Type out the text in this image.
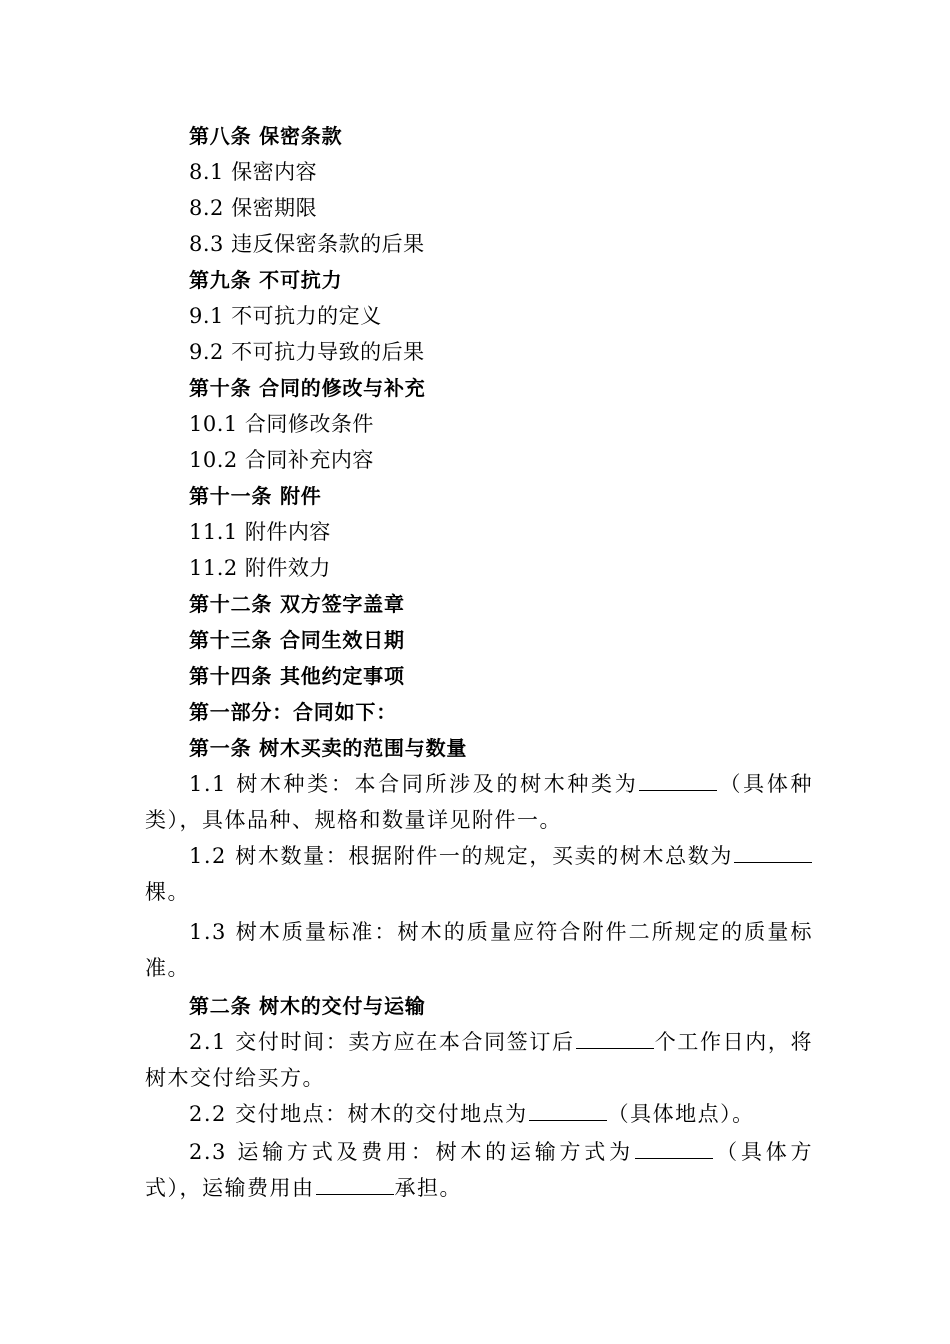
第八条 保密条款
8.1 保密内容
8.2 保密期限
8.3 违反保密条款的后果
第九条 不可抗力
9.1 不可抗力的定义
9.2 不可抗力导致的后果
第十条 合同的修改与补充
10.1 合同修改条件
10.2 合同补充内容
第十一条 附件
11.1 附件内容
11.2 附件效力
第十二条 双方签字盖章
第十三条 合同生效日期
第十四条 其他约定事项
第一部分：合同如下：
第一条 树木买卖的范围与数量
1.1 树木种类：本合同所涉及的树木种类为	（具体种类），具体品种、规格和数量详见附件一。
1.2 树木数量：根据附件一的规定，买卖的树木总数为棵。
1.3 树木质量标准：树木的质量应符合附件二所规定的质量标准。
第二条 树木的交付与运输
2.1 交付时间：卖方应在本合同签订后	个工作日内，将树木交付给买方。
2.2 交付地点：树木的交付地点为	（具体地点）。
2.3 运输方式及费用：树木的运输方式为	（具体方式），运输费用由	承担。
